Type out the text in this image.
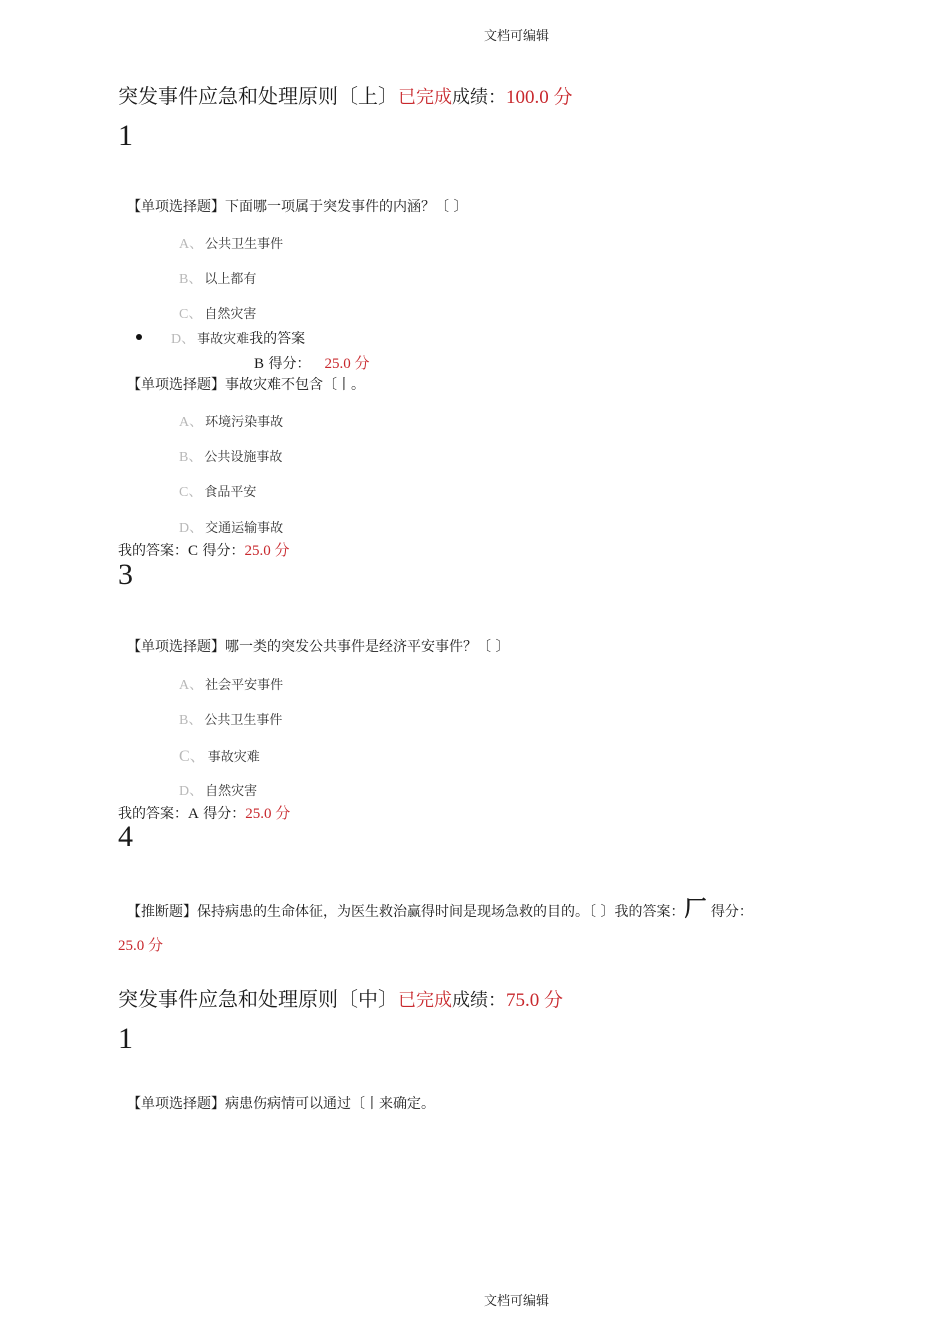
文档可编辑
突发事件应急和处理原则〔上〕已完成成绩：100.0 分
1
【单项选择题】下面哪一项属于突发事件的内涵？〔 〕
A、 公共卫生事件
B、 以上都有
C、 自然灾害
D、 事故灾难我的答案
B 得分： 25.0 分
【单项选择题】事故灾难不包含〔丨。
A、 环境污染事故
B、 公共设施事故
C、 食品平安
D、 交通运输事故
我的答案：C 得分：25.0 分
3
【单项选择题】哪一类的突发公共事件是经济平安事件？〔 〕
A、 社会平安事件
B、 公共卫生事件
C、 事故灾难
D、 自然灾害
我的答案：A 得分：25.0 分
4
【推断题】保持病患的生命体征，为医生救治赢得时间是现场急救的目的。〔 〕我的答案：厂 得分：
25.0 分
突发事件应急和处理原则〔中〕已完成成绩：75.0 分
1
【单项选择题】病患伤病情可以通过〔丨来确定。
文档可编辑
